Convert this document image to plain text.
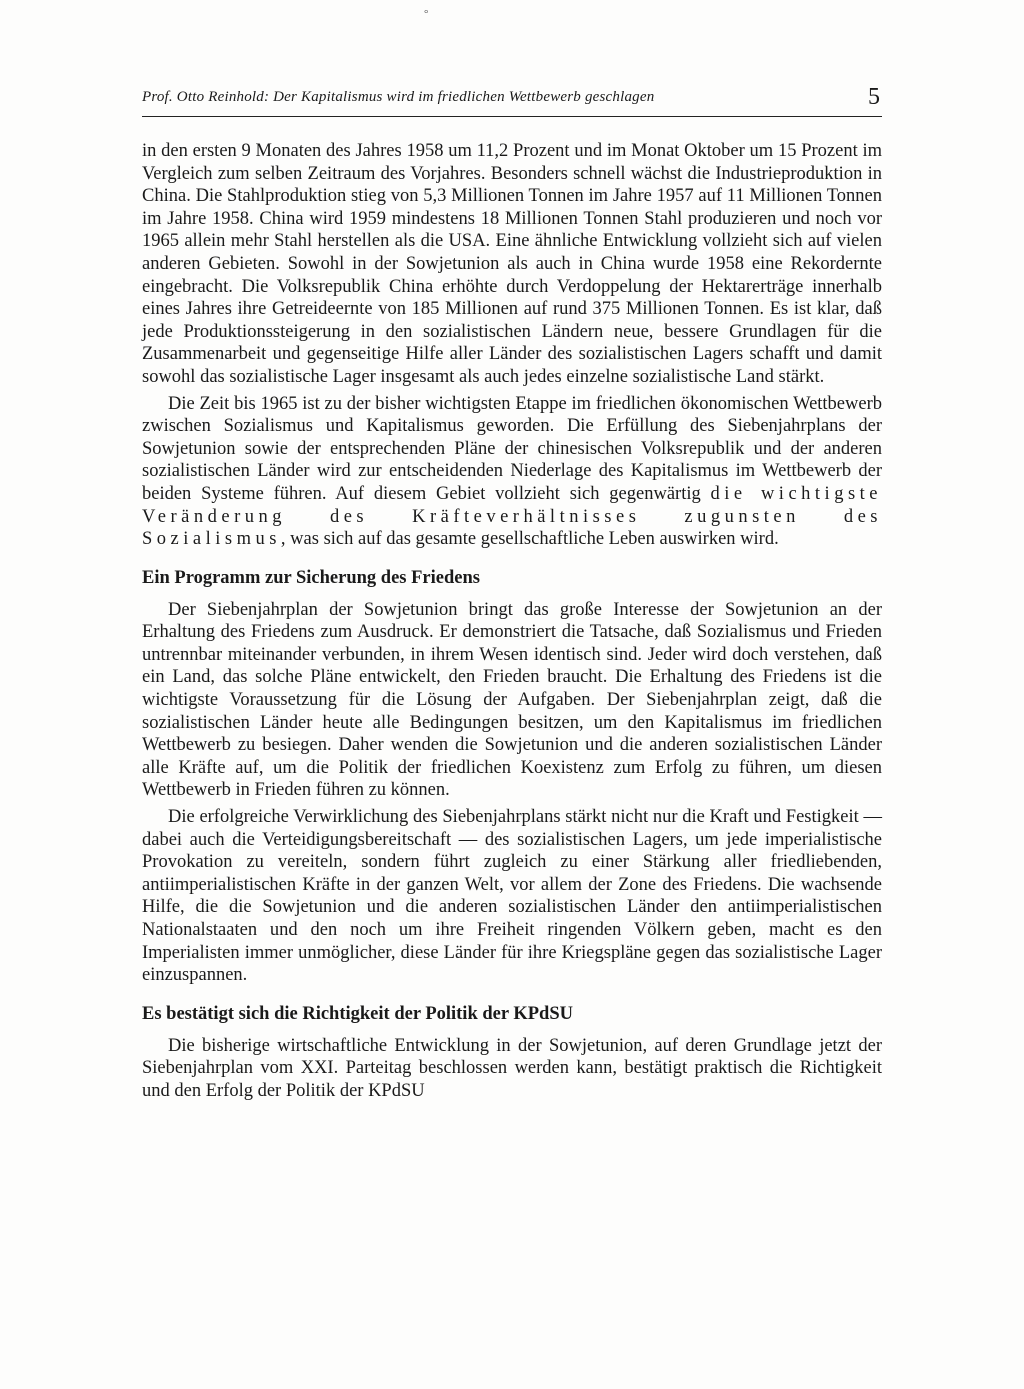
°
Prof. Otto Reinhold: Der Kapitalismus wird im friedlichen Wettbewerb geschlagen	5

in den ersten 9 Monaten des Jahres 1958 um 11,2 Prozent und im Monat Oktober um 15 Prozent im Vergleich zum selben Zeitraum des Vorjahres. Besonders schnell wächst die Industrieproduktion in China. Die Stahlproduktion stieg von 5,3 Millionen Tonnen im Jahre 1957 auf 11 Millionen Tonnen im Jahre 1958. China wird 1959 mindestens 18 Millionen Tonnen Stahl produzieren und noch vor 1965 allein mehr Stahl herstellen als die USA. Eine ähnliche Entwicklung vollzieht sich auf vielen anderen Gebieten. Sowohl in der Sowjetunion als auch in China wurde 1958 eine Rekordernte eingebracht. Die Volksrepublik China erhöhte durch Verdoppelung der Hektarerträge innerhalb eines Jahres ihre Getreideernte von 185 Millionen auf rund 375 Millionen Tonnen. Es ist klar, daß jede Produktionssteigerung in den sozialistischen Ländern neue, bessere Grundlagen für die Zusammenarbeit und gegenseitige Hilfe aller Länder des sozialistischen Lagers schafft und damit sowohl das sozialistische Lager insgesamt als auch jedes einzelne sozialistische Land stärkt.

Die Zeit bis 1965 ist zu der bisher wichtigsten Etappe im friedlichen ökonomischen Wettbewerb zwischen Sozialismus und Kapitalismus geworden. Die Erfüllung des Siebenjahrplans der Sowjetunion sowie der entsprechenden Pläne der chinesischen Volksrepublik und der anderen sozialistischen Länder wird zur entscheidenden Niederlage des Kapitalismus im Wettbewerb der beiden Systeme führen. Auf diesem Gebiet vollzieht sich gegenwärtig die wichtigste Veränderung des Kräfteverhältnisses zugunsten des Sozialismus, was sich auf das gesamte gesellschaftliche Leben auswirken wird.

Ein Programm zur Sicherung des Friedens

Der Siebenjahrplan der Sowjetunion bringt das große Interesse der Sowjetunion an der Erhaltung des Friedens zum Ausdruck. Er demonstriert die Tatsache, daß Sozialismus und Frieden untrennbar miteinander verbunden, in ihrem Wesen identisch sind. Jeder wird doch verstehen, daß ein Land, das solche Pläne entwickelt, den Frieden braucht. Die Erhaltung des Friedens ist die wichtigste Voraussetzung für die Lösung der Aufgaben. Der Siebenjahrplan zeigt, daß die sozialistischen Länder heute alle Bedingungen besitzen, um den Kapitalismus im friedlichen Wettbewerb zu besiegen. Daher wenden die Sowjetunion und die anderen sozialistischen Länder alle Kräfte auf, um die Politik der friedlichen Koexistenz zum Erfolg zu führen, um diesen Wettbewerb in Frieden führen zu können.

Die erfolgreiche Verwirklichung des Siebenjahrplans stärkt nicht nur die Kraft und Festigkeit — dabei auch die Verteidigungsbereitschaft — des sozialistischen Lagers, um jede imperialistische Provokation zu vereiteln, sondern führt zugleich zu einer Stärkung aller friedliebenden, antiimperialistischen Kräfte in der ganzen Welt, vor allem der Zone des Friedens. Die wachsende Hilfe, die die Sowjetunion und die anderen sozialistischen Länder den antiimperialistischen Nationalstaaten und den noch um ihre Freiheit ringenden Völkern geben, macht es den Imperialisten immer unmöglicher, diese Länder für ihre Kriegspläne gegen das sozialistische Lager einzuspannen.

Es bestätigt sich die Richtigkeit der Politik der KPdSU

Die bisherige wirtschaftliche Entwicklung in der Sowjetunion, auf deren Grundlage jetzt der Siebenjahrplan vom XXI. Parteitag beschlossen werden kann, bestätigt praktisch die Richtigkeit und den Erfolg der Politik der KPdSU
